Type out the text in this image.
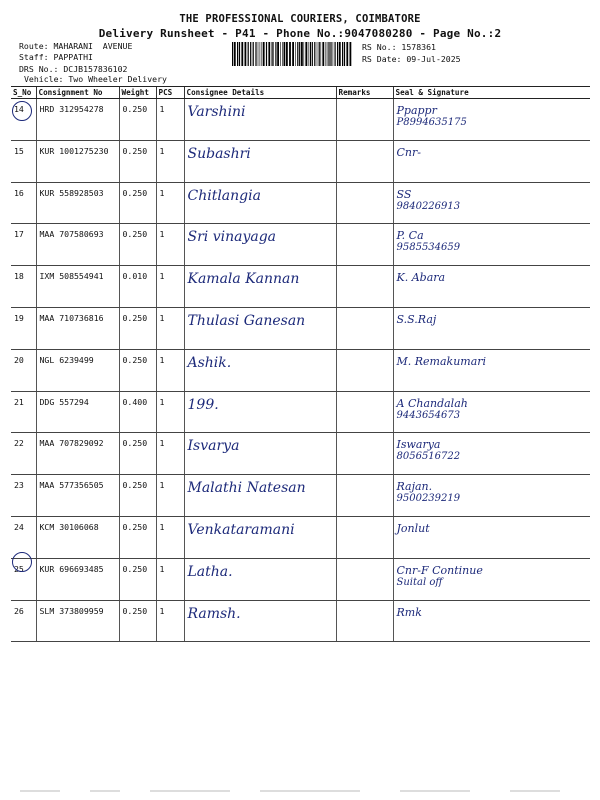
THE PROFESSIONAL COURIERS, COIMBATORE
Delivery Runsheet - P41 - Phone No.:9047080280 - Page No.:2
Route: MAHARANI  AVENUE
Staff: PAPPATHI
DRS No.: DCJB157836102
Vehicle: Two Wheeler Delivery
RS No.: 1578361
RS Date: 09-Jul-2025
S_No	Consignment No	Weight	PCS	Consignee Details	Remarks	Seal & Signature
14	HRD 312954278	0.250	1	Varshini		Ppappr
P8994635175

15	KUR 1001275230	0.250	1	Subashri		Cnr-

16	KUR 558928503	0.250	1	Chitlangia		SS
9840226913

17	MAA 707580693	0.250	1	Sri vinayaga		P. Ca
9585534659

18	IXM 508554941	0.010	1	Kamala Kannan		K. Abara

19	MAA 710736816	0.250	1	Thulasi Ganesan		S.S.Raj

20	NGL 6239499	0.250	1	Ashik.		M. Remakumari

21	DDG 557294	0.400	1	199.		A Chandalah
9443654673

22	MAA 707829092	0.250	1	Isvarya		Iswarya
8056516722

23	MAA 577356505	0.250	1	Malathi Natesan		Rajan.
9500239219

24	KCM 30106068	0.250	1	Venkataramani		Jonlut

25	KUR 696693485	0.250	1	Latha.		Cnr-F Continue
Suital off

26	SLM 373809959	0.250	1	Ramsh.		Rmk
